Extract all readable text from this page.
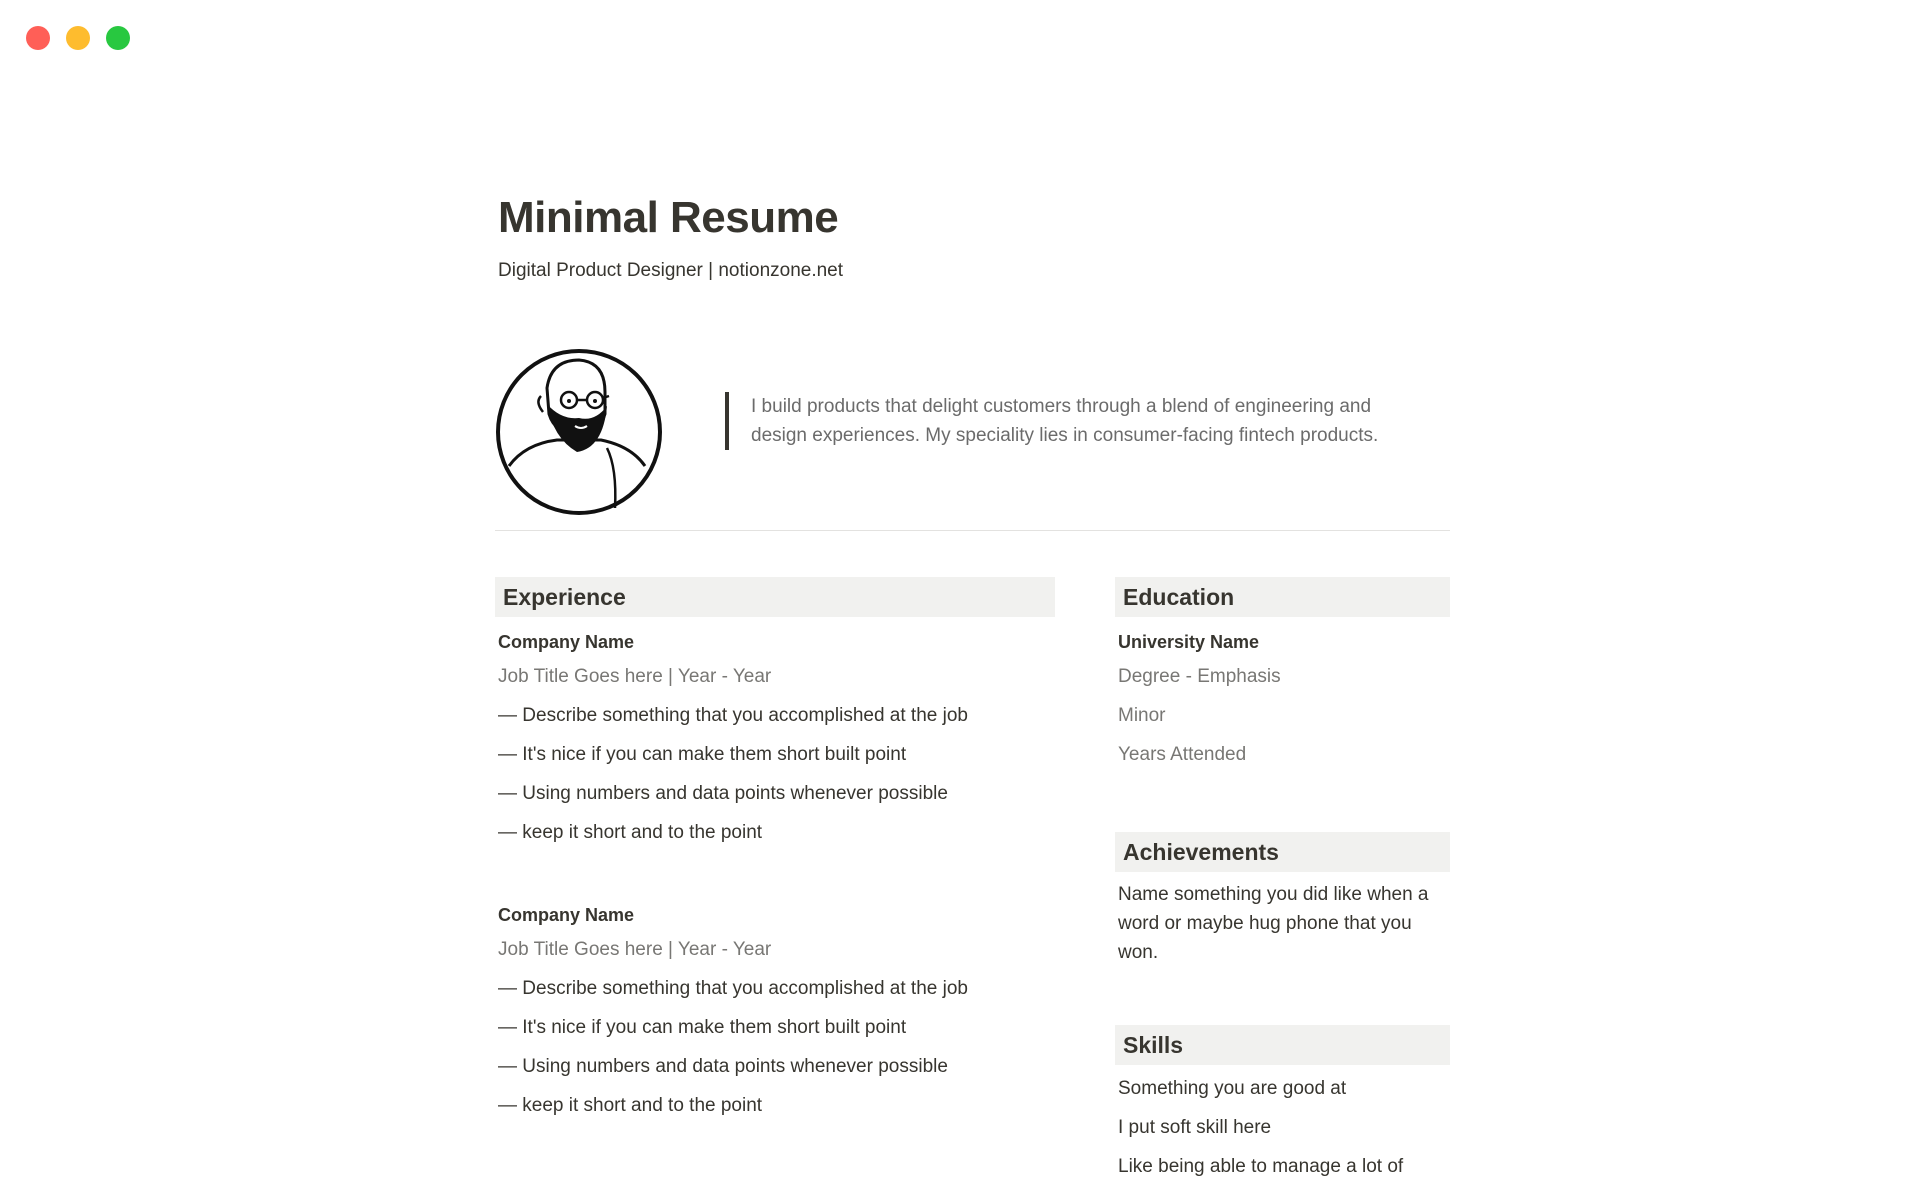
Minimal Resume
Digital Product Designer | notionzone.net
I build products that delight customers through a blend of engineering and design experiences. My speciality lies in consumer-facing fintech products.
Experience
Company Name
Job Title Goes here | Year - Year
— Describe something that you accomplished at the job
— It's nice if you can make them short built point
— Using numbers and data points whenever possible
— keep it short and to the point
Company Name
Job Title Goes here | Year - Year
— Describe something that you accomplished at the job
— It's nice if you can make them short built point
— Using numbers and data points whenever possible
— keep it short and to the point
Education
University Name
Degree - Emphasis
Minor
Years Attended
Achievements
Name something you did like when a word or maybe hug phone that you won.
Skills
Something you are good at
I put soft skill here
Like being able to manage a lot of
